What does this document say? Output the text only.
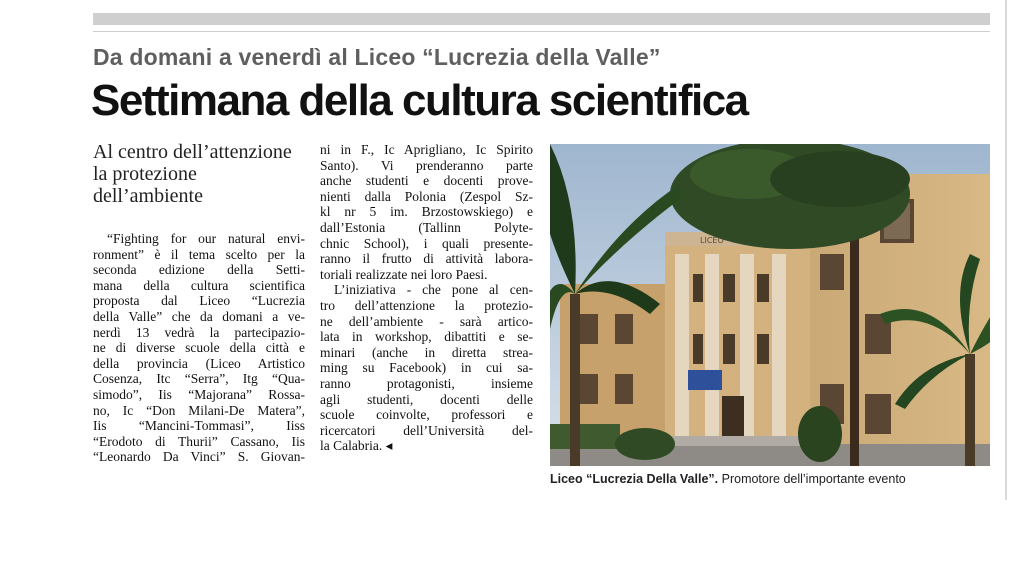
Da domani a venerdì al Liceo “Lucrezia della Valle”
Settimana della cultura scientifica
Al centro dell’attenzione
la protezione
dell’ambiente
“Fighting for our natural envi-
ronment” è il tema scelto per la
seconda edizione della Setti-
mana della cultura scientifica
proposta dal Liceo “Lucrezia
della Valle” che da domani a ve-
nerdì 13 vedrà la partecipazio-
ne di diverse scuole della città e
della provincia (Liceo Artistico
Cosenza, Itc “Serra”, Itg “Qua-
simodo”, Iis “Majorana” Rossa-
no, Ic “Don Milani-De Matera”,
Iis “Mancini-Tommasi”, Iiss
“Erodoto di Thurii” Cassano, Iis
“Leonardo Da Vinci” S. Giovan-
ni in F., Ic Aprigliano, Ic Spirito
Santo). Vi prenderanno parte
anche studenti e docenti prove-
nienti dalla Polonia (Zespol Sz-
kl nr 5 im. Brzostowskiego) e
dall’Estonia (Tallinn Polyte-
chnic School), i quali presente-
ranno il frutto di attività labora-
toriali realizzate nei loro Paesi.
L’iniziativa - che pone al cen-
tro dell’attenzione la protezio-
ne dell’ambiente - sarà artico-
lata in workshop, dibattiti e se-
minari (anche in diretta strea-
ming su Facebook) in cui sa-
ranno protagonisti, insieme
agli studenti, docenti delle
scuole coinvolte, professori e
ricercatori dell’Università del-
la Calabria. ◂
LICEO
Liceo “Lucrezia Della Valle”. Promotore dell’importante evento
